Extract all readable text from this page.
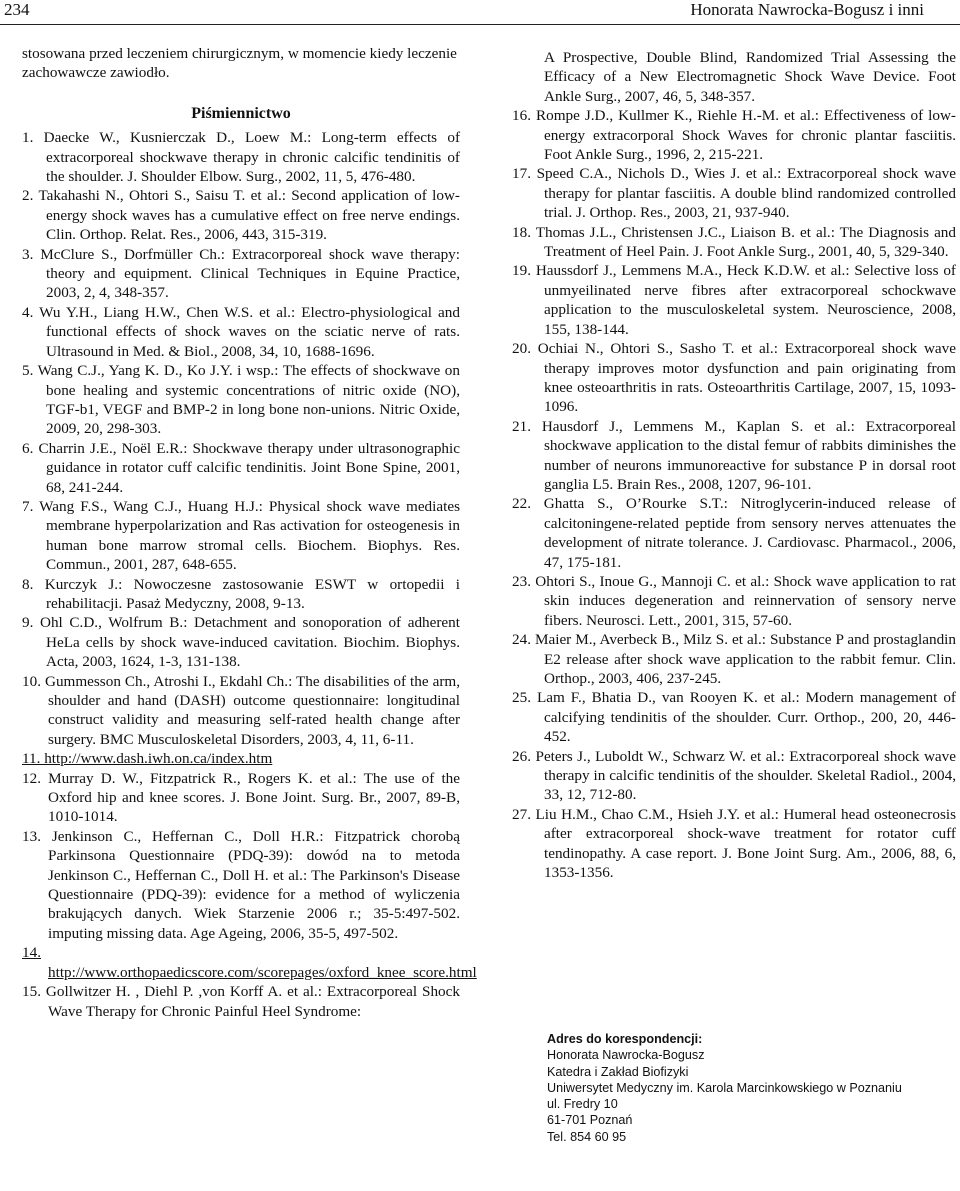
234	Honorata Nawrocka-Bogusz i inni

stosowana przed leczeniem chirurgicznym, w momencie kiedy leczenie zachowawcze zawiodło.

Piśmiennictwo

1. Daecke W., Kusnierczak D., Loew M.: Long-term effects of extracorporeal shockwave therapy in chronic calcific tendinitis of the shoulder. J. Shoulder Elbow. Surg., 2002, 11, 5, 476-480.

2. Takahashi N., Ohtori S., Saisu T. et al.: Second application of low-energy shock waves has a cumulative effect on free nerve endings. Clin. Orthop. Relat. Res., 2006, 443, 315-319.

3. McClure S., Dorfmüller Ch.: Extracorporeal shock wave therapy: theory and equipment. Clinical Techniques in Equine Practice, 2003, 2, 4, 348-357.

4. Wu Y.H., Liang H.W., Chen W.S. et al.: Electro-physiological and functional effects of shock waves on the sciatic nerve of rats. Ultrasound in Med. & Biol., 2008, 34, 10, 1688-1696.

5. Wang C.J., Yang K. D., Ko J.Y. i wsp.: The effects of shockwave on bone healing and systemic concentrations of nitric oxide (NO), TGF-b1, VEGF and BMP-2 in long bone non-unions. Nitric Oxide, 2009, 20, 298-303.

6. Charrin J.E., Noël E.R.: Shockwave therapy under ultrasonographic guidance in rotator cuff calcific tendinitis. Joint Bone Spine, 2001, 68, 241-244.

7. Wang F.S., Wang C.J., Huang H.J.: Physical shock wave mediates membrane hyperpolarization and Ras activation for osteogenesis in human bone marrow stromal cells. Biochem. Biophys. Res. Commun., 2001, 287, 648-655.

8. Kurczyk J.: Nowoczesne zastosowanie ESWT w ortopedii i rehabilitacji. Pasaż Medyczny, 2008, 9-13.

9. Ohl C.D., Wolfrum B.: Detachment and sonoporation of adherent HeLa cells by shock wave-induced cavitation. Biochim. Biophys. Acta, 2003, 1624, 1-3, 131-138.

10. Gummesson Ch., Atroshi I., Ekdahl Ch.: The disabilities of the arm, shoulder and hand (DASH) outcome questionnaire: longitudinal construct validity and measuring self-rated health change after surgery. BMC Musculoskeletal Disorders, 2003, 4, 11, 6-11.

11. http://www.dash.iwh.on.ca/index.htm

12. Murray D. W., Fitzpatrick R., Rogers K. et al.: The use of the Oxford hip and knee scores. J. Bone Joint. Surg. Br., 2007, 89-B, 1010-1014.

13. Jenkinson C., Heffernan C., Doll H.R.: Fitzpatrick chorobą Parkinsona Questionnaire (PDQ-39): dowód na to metoda Jenkinson C., Heffernan C., Doll H. et al.: The Parkinson's Disease Questionnaire (PDQ-39): evidence for a method of wyliczenia brakujących danych. Wiek Starzenie 2006 r.; 35-5:497-502. imputing missing data. Age Ageing, 2006, 35-5, 497-502.

14. http://www.orthopaedicscore.com/scorepages/oxford_knee_score.html

15. Gollwitzer H. , Diehl P. ,von Korff A. et al.: Extracorporeal Shock Wave Therapy for Chronic Painful Heel Syndrome:

A Prospective, Double Blind, Randomized Trial Assessing the Efficacy of a New Electromagnetic Shock Wave Device. Foot Ankle Surg., 2007, 46, 5, 348-357.

16. Rompe J.D., Kullmer K., Riehle H.-M. et al.: Effectiveness of low-energy extracorporal Shock Waves for chronic plantar fasciitis. Foot Ankle Surg., 1996, 2, 215-221.

17. Speed C.A., Nichols D., Wies J. et al.: Extracorporeal shock wave therapy for plantar fasciitis. A double blind randomized controlled trial. J. Orthop. Res., 2003, 21, 937-940.

18. Thomas J.L., Christensen J.C., Liaison B. et al.: The Diagnosis and Treatment of Heel Pain. J. Foot Ankle Surg., 2001, 40, 5, 329-340.

19. Haussdorf J., Lemmens M.A., Heck K.D.W. et al.: Selective loss of unmyeilinated nerve fibres after extracorporeal schockwave application to the musculoskeletal system. Neuroscience, 2008, 155, 138-144.

20. Ochiai N., Ohtori S., Sasho T. et al.: Extracorporeal shock wave therapy improves motor dysfunction and pain originating from knee osteoarthritis in rats. Osteoarthritis Cartilage, 2007, 15, 1093-1096.

21. Hausdorf J., Lemmens M., Kaplan S. et al.: Extracorporeal shockwave application to the distal femur of rabbits diminishes the number of neurons immunoreactive for substance P in dorsal root ganglia L5. Brain Res., 2008, 1207, 96-101.

22. Ghatta S., O’Rourke S.T.: Nitroglycerin-induced release of calcitoningene-related peptide from sensory nerves attenuates the development of nitrate tolerance. J. Cardiovasc. Pharmacol., 2006, 47, 175-181.

23. Ohtori S., Inoue G., Mannoji C. et al.: Shock wave application to rat skin induces degeneration and reinnervation of sensory nerve fibers. Neurosci. Lett., 2001, 315, 57-60.

24. Maier M., Averbeck B., Milz S. et al.: Substance P and prostaglandin E2 release after shock wave application to the rabbit femur. Clin. Orthop., 2003, 406, 237-245.

25. Lam F., Bhatia D., van Rooyen K. et al.: Modern management of calcifying tendinitis of the shoulder. Curr. Orthop., 200, 20, 446-452.

26. Peters J., Luboldt W., Schwarz W. et al.: Extracorporeal shock wave therapy in calcific tendinitis of the shoulder. Skeletal Radiol., 2004, 33, 12, 712-80.

27. Liu H.M., Chao C.M., Hsieh J.Y. et al.: Humeral head osteonecrosis after extracorporeal shock-wave treatment for rotator cuff tendinopathy. A case report. J. Bone Joint Surg. Am., 2006, 88, 6, 1353-1356.

Adres do korespondencji:
Honorata Nawrocka-Bogusz
Katedra i Zakład Biofizyki
Uniwersytet Medyczny im. Karola Marcinkowskiego w Poznaniu
ul. Fredry 10
61-701 Poznań
Tel. 854 60 95
